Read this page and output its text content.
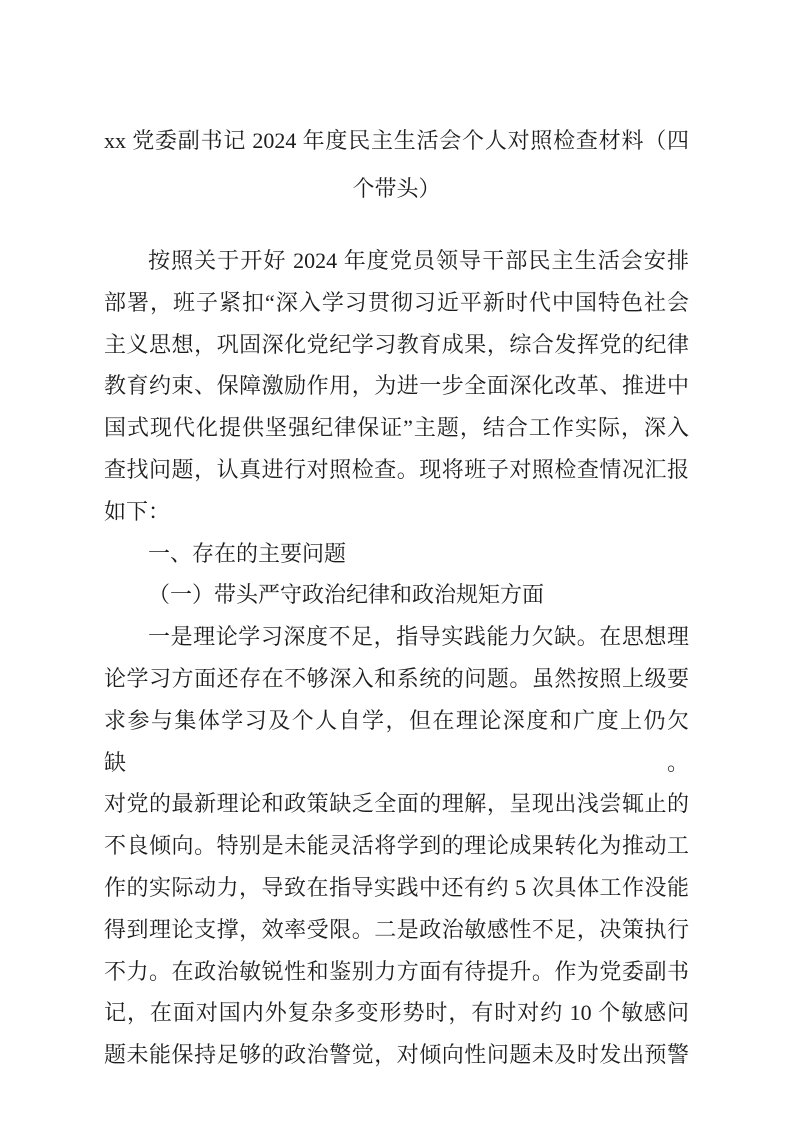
xx 党委副书记 2024 年度民主生活会个人对照检查材料（四
个带头）
按照关于开好 2024 年度党员领导干部民主生活会安排
部署，班子紧扣“深入学习贯彻习近平新时代中国特色社会
主义思想，巩固深化党纪学习教育成果，综合发挥党的纪律
教育约束、保障激励作用，为进一步全面深化改革、推进中
国式现代化提供坚强纪律保证”主题，结合工作实际，深入
查找问题，认真进行对照检查。现将班子对照检查情况汇报
如下：
一、存在的主要问题
（一）带头严守政治纪律和政治规矩方面
一是理论学习深度不足，指导实践能力欠缺。在思想理
论学习方面还存在不够深入和系统的问题。虽然按照上级要
求参与集体学习及个人自学，但在理论深度和广度上仍欠缺。
对党的最新理论和政策缺乏全面的理解，呈现出浅尝辄止的
不良倾向。特别是未能灵活将学到的理论成果转化为推动工
作的实际动力，导致在指导实践中还有约 5 次具体工作没能
得到理论支撑，效率受限。二是政治敏感性不足，决策执行
不力。在政治敏锐性和鉴别力方面有待提升。作为党委副书
记，在面对国内外复杂多变形势时，有时对约 10 个敏感问
题未能保持足够的政治警觉，对倾向性问题未及时发出预警
